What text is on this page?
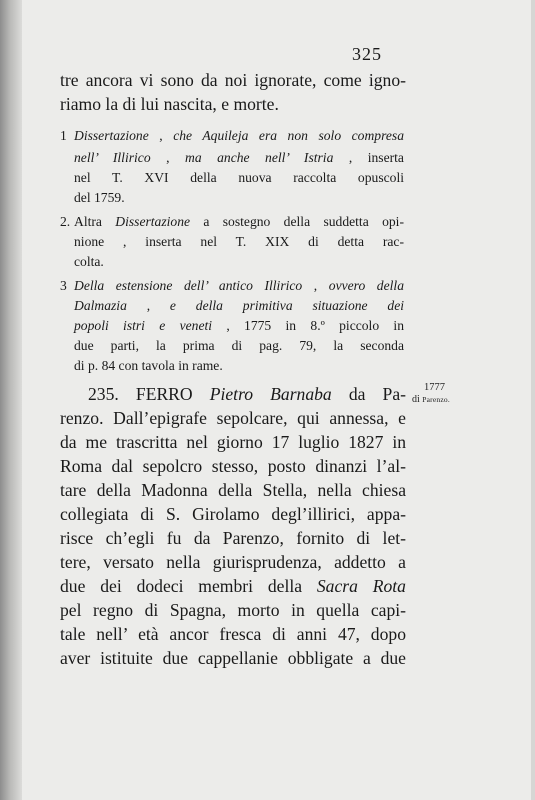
325
tre ancora vi sono da noi ignorate, come igno-
riamo la di lui nascita, e morte.
1 Dissertazione , che Aquileja era non solo compresa
nell’ Illirico , ma anche nell’ Istria , inserta
nel T. XVI della nuova raccolta opuscoli
del 1759.
2. Altra Dissertazione a sostegno della suddetta opi-
nione , inserta nel T. XIX di detta rac-
colta.
3 Della estensione dell’ antico Illirico , ovvero della
Dalmazia , e della primitiva situazione dei
popoli istri e veneti , 1775 in 8.º piccolo in
due parti, la prima di pag. 79, la seconda
di p. 84 con tavola in rame.
235. FERRO Pietro Barnaba da Pa-
renzo. Dall’epigrafe sepolcare, qui annessa, e
da me trascritta nel giorno 17 luglio 1827 in
Roma dal sepolcro stesso, posto dinanzi l’al-
tare della Madonna della Stella, nella chiesa
collegiata di S. Girolamo degl’illirici, appa-
risce ch’egli fu da Parenzo, fornito di let-
tere, versato nella giurisprudenza, addetto a
due dei dodeci membri della Sacra Rota
pel regno di Spagna, morto in quella capi-
tale nell’ età ancor fresca di anni 47, dopo
aver istituite due cappellanie obbligate a due
1777
di Parenzo.
